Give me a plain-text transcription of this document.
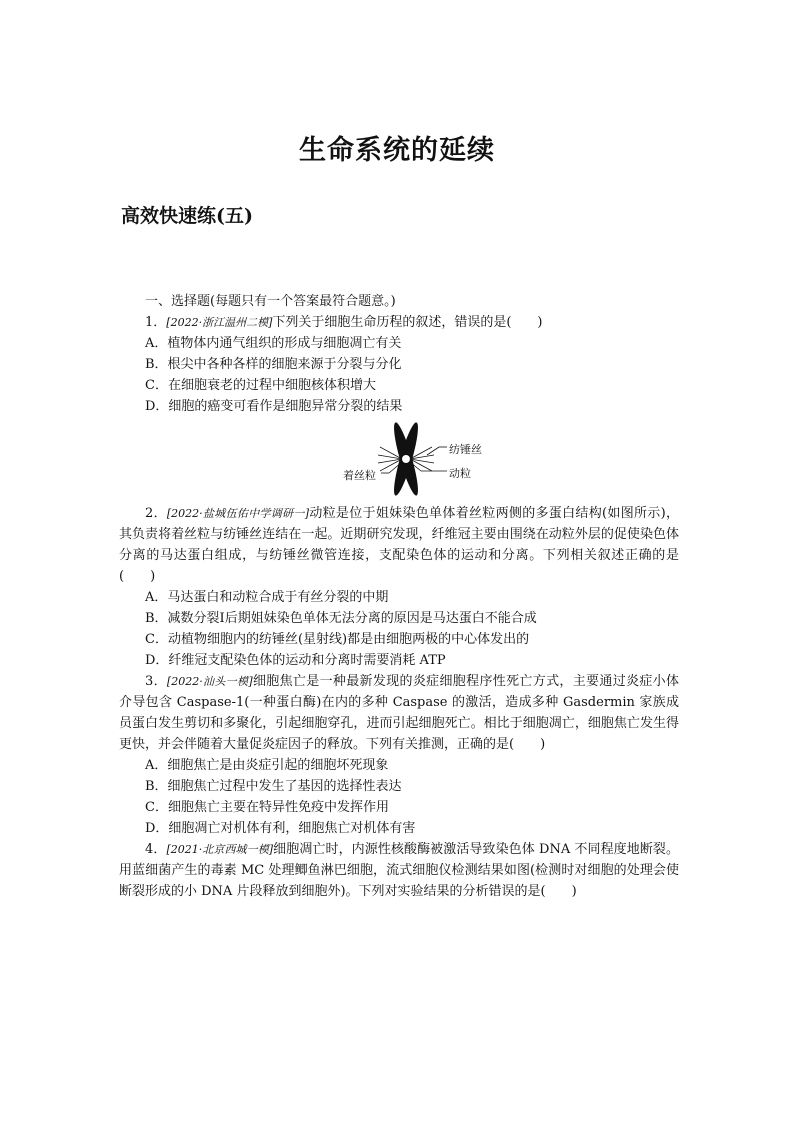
生命系统的延续
高效快速练(五)

一、选择题(每题只有一个答案最符合题意。)

1．[2022·浙江温州二模]下列关于细胞生命历程的叙述，错误的是(　　)

A．植物体内通气组织的形成与细胞凋亡有关

B．根尖中各种各样的细胞来源于分裂与分化

C．在细胞衰老的过程中细胞核体积增大

D．细胞的癌变可看作是细胞异常分裂的结果

纺锤丝
动粒
着丝粒

2．[2022·盐城伍佑中学调研一]动粒是位于姐妹染色单体着丝粒两侧的多蛋白结构(如图所示)，其负责将着丝粒与纺锤丝连结在一起。近期研究发现，纤维冠主要由围绕在动粒外层的促使染色体分离的马达蛋白组成，与纺锤丝微管连接，支配染色体的运动和分离。下列相关叙述正确的是(　　)

A．马达蛋白和动粒合成于有丝分裂的中期

B．减数分裂Ⅰ后期姐妹染色单体无法分离的原因是马达蛋白不能合成

C．动植物细胞内的纺锤丝(星射线)都是由细胞两极的中心体发出的

D．纤维冠支配染色体的运动和分离时需要消耗 ATP

3．[2022·汕头一模]细胞焦亡是一种最新发现的炎症细胞程序性死亡方式，主要通过炎症小体介导包含 Caspase-1(一种蛋白酶)在内的多种 Caspase 的激活，造成多种 Gasdermin 家族成员蛋白发生剪切和多聚化，引起细胞穿孔，进而引起细胞死亡。相比于细胞凋亡，细胞焦亡发生得更快，并会伴随着大量促炎症因子的释放。下列有关推测，正确的是(　　)

A．细胞焦亡是由炎症引起的细胞坏死现象

B．细胞焦亡过程中发生了基因的选择性表达

C．细胞焦亡主要在特异性免疫中发挥作用

D．细胞凋亡对机体有利，细胞焦亡对机体有害

4．[2021·北京西城一模]细胞凋亡时，内源性核酸酶被激活导致染色体 DNA 不同程度地断裂。用蓝细菌产生的毒素 MC 处理鲫鱼淋巴细胞，流式细胞仪检测结果如图(检测时对细胞的处理会使断裂形成的小 DNA 片段释放到细胞外)。下列对实验结果的分析错误的是(　　)
